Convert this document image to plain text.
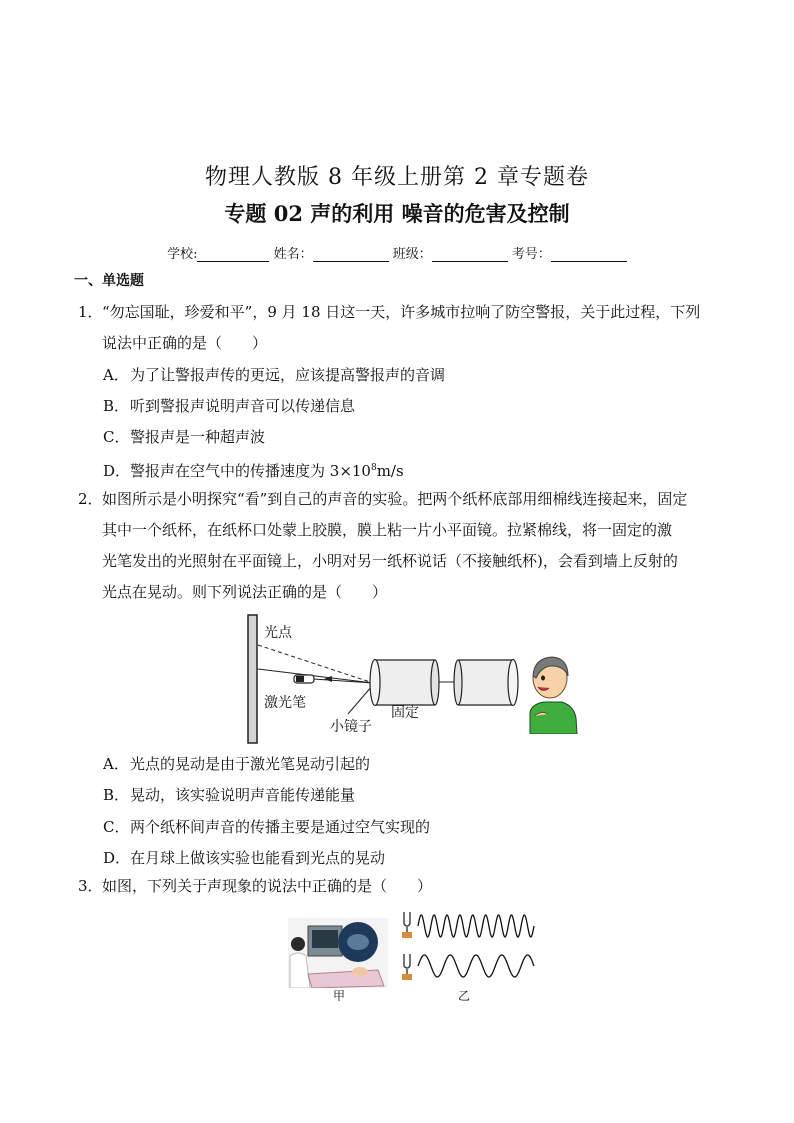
物理人教版 8 年级上册第 2 章专题卷
专题 02 声的利用 噪音的危害及控制
学校:	姓名：	班级：	考号：
一、单选题
1． “勿忘国耻，珍爱和平”，9 月 18 日这一天，许多城市拉响了防空警报，关于此过程，下列
说法中正确的是（　　）
A．为了让警报声传的更远，应该提高警报声的音调
B．听到警报声说明声音可以传递信息
C．警报声是一种超声波
D．警报声在空气中的传播速度为 $3\times 10^8m/s$
2． 如图所示是小明探究“看”到自己的声音的实验。把两个纸杯底部用细棉线连接起来，固定
其中一个纸杯，在纸杯口处蒙上胶膜，膜上粘一片小平面镜。拉紧棉线，将一固定的激
光笔发出的光照射在平面镜上，小明对另一纸杯说话（不接触纸杯)，会看到墙上反射的
光点在晃动。则下列说法正确的是（　　）
光点
激光笔
小镜子
固定
A．光点的晃动是由于激光笔晃动引起的
B．晃动，该实验说明声音能传递能量
C．两个纸杯间声音的传播主要是通过空气实现的
D．在月球上做该实验也能看到光点的晃动
3． 如图，下列关于声现象的说法中正确的是（　　）
甲	乙
